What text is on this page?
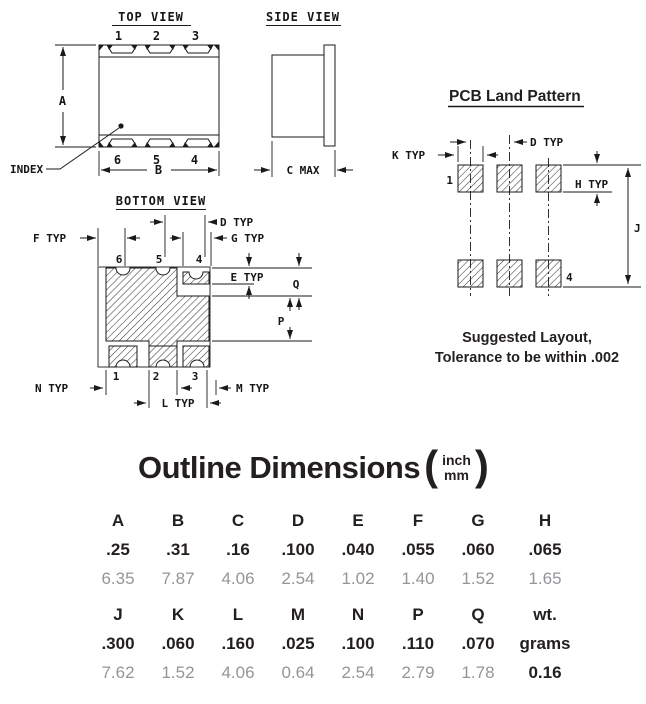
TOP VIEW
1 2	3
6	5 4
INDEX
A
B
SIDE VIEW
C MAX
BOTTOM VIEW
6	5	4
1	2	3
F TYP
D TYP
G TYP
E TYP
Q
P
N TYP	M TYP
L TYP
PCB Land Pattern
1
4
K TYP
D TYP
H TYP
J
Suggested Layout,
Tolerance to be within .002
Outline Dimensions ( inch
mm )
A	B	C	D	E	F	G	H
.25	.31	.16	.100	.040	.055	.060	.065
6.35	7.87	4.06	2.54	1.02	1.40	1.52	1.65
J	K	L	M	N	P	Q	wt.
.300	.060	.160	.025	.100	.110	.070	grams
7.62	1.52	4.06	0.64	2.54	2.79	1.78	0.16
